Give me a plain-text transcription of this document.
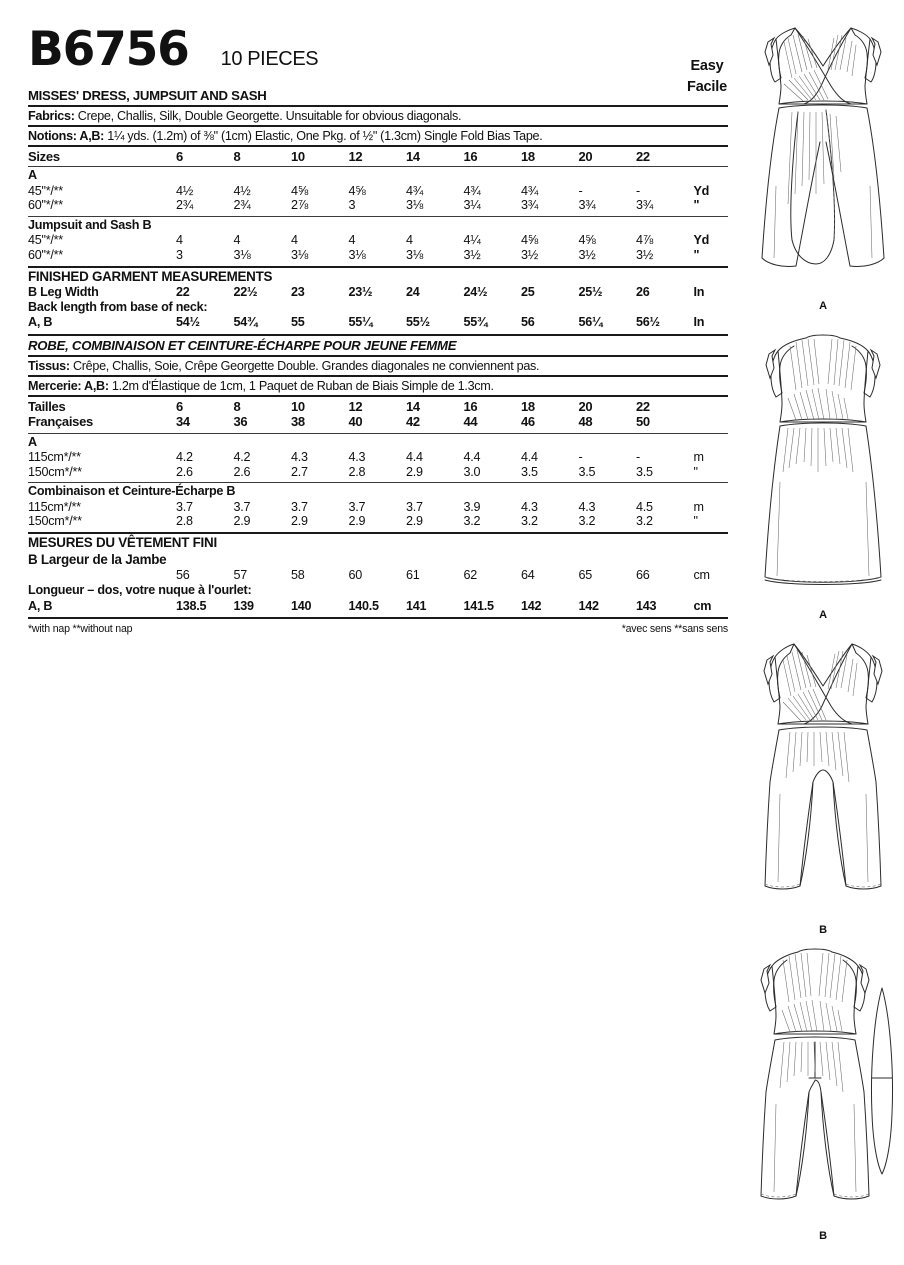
B6756 10 PIECES
MISSES' DRESS, JUMPSUIT AND SASH
Fabrics: Crepe, Challis, Silk, Double Georgette. Unsuitable for obvious diagonals.
Notions: A,B: 1¼ yds. (1.2m) of ⅜" (1cm) Elastic, One Pkg. of ½" (1.3cm) Single Fold Bias Tape.
Sizes	6	8	10	12	14	16	18	20	22
A
45"*/**	4½	4½	4⅝	4⅝	4¾	4¾	4¾	-	-	Yd
60"*/**	2¾	2¾	2⅞	3	3⅛	3¼	3¾	3¾	3¾	"
Jumpsuit and Sash B
45"*/**	4	4	4	4	4	4¼	4⅝	4⅝	4⅞	Yd
60"*/**	3	3⅛	3⅛	3⅛	3⅛	3½	3½	3½	3½	"
FINISHED GARMENT MEASUREMENTS
B Leg Width	22	22½	23	23½	24	24½	25	25½	26	In
Back length from base of neck:
A, B	54½	54¾	55	55¼	55½	55¾	56	56¼	56½	In
ROBE, COMBINAISON ET CEINTURE-ÉCHARPE POUR JEUNE FEMME
Tissus: Crêpe, Challis, Soie, Crêpe Georgette Double. Grandes diagonales ne conviennent pas.
Mercerie: A,B: 1.2m d'Élastique de 1cm, 1 Paquet de Ruban de Biais Simple de 1.3cm.
Tailles	6	8	10	12	14	16	18	20	22
Françaises	34	36	38	40	42	44	46	48	50
A
115cm*/**	4.2	4.2	4.3	4.3	4.4	4.4	4.4	-	-	m
150cm*/**	2.6	2.6	2.7	2.8	2.9	3.0	3.5	3.5	3.5	"
Combinaison et Ceinture-Écharpe B
115cm*/**	3.7	3.7	3.7	3.7	3.7	3.9	4.3	4.3	4.5	m
150cm*/**	2.8	2.9	2.9	2.9	2.9	3.2	3.2	3.2	3.2	"
MESURES DU VÊTEMENT FINI
B Largeur de la Jambe
56	57	58	60	61	62	64	65	66	cm
Longueur – dos, votre nuque à l'ourlet:
A, B	138.5	139	140	140.5	141	141.5	142	142	143	cm
*with nap **without nap	*avec sens **sans sens
Easy
Facile
A
A
B
B
